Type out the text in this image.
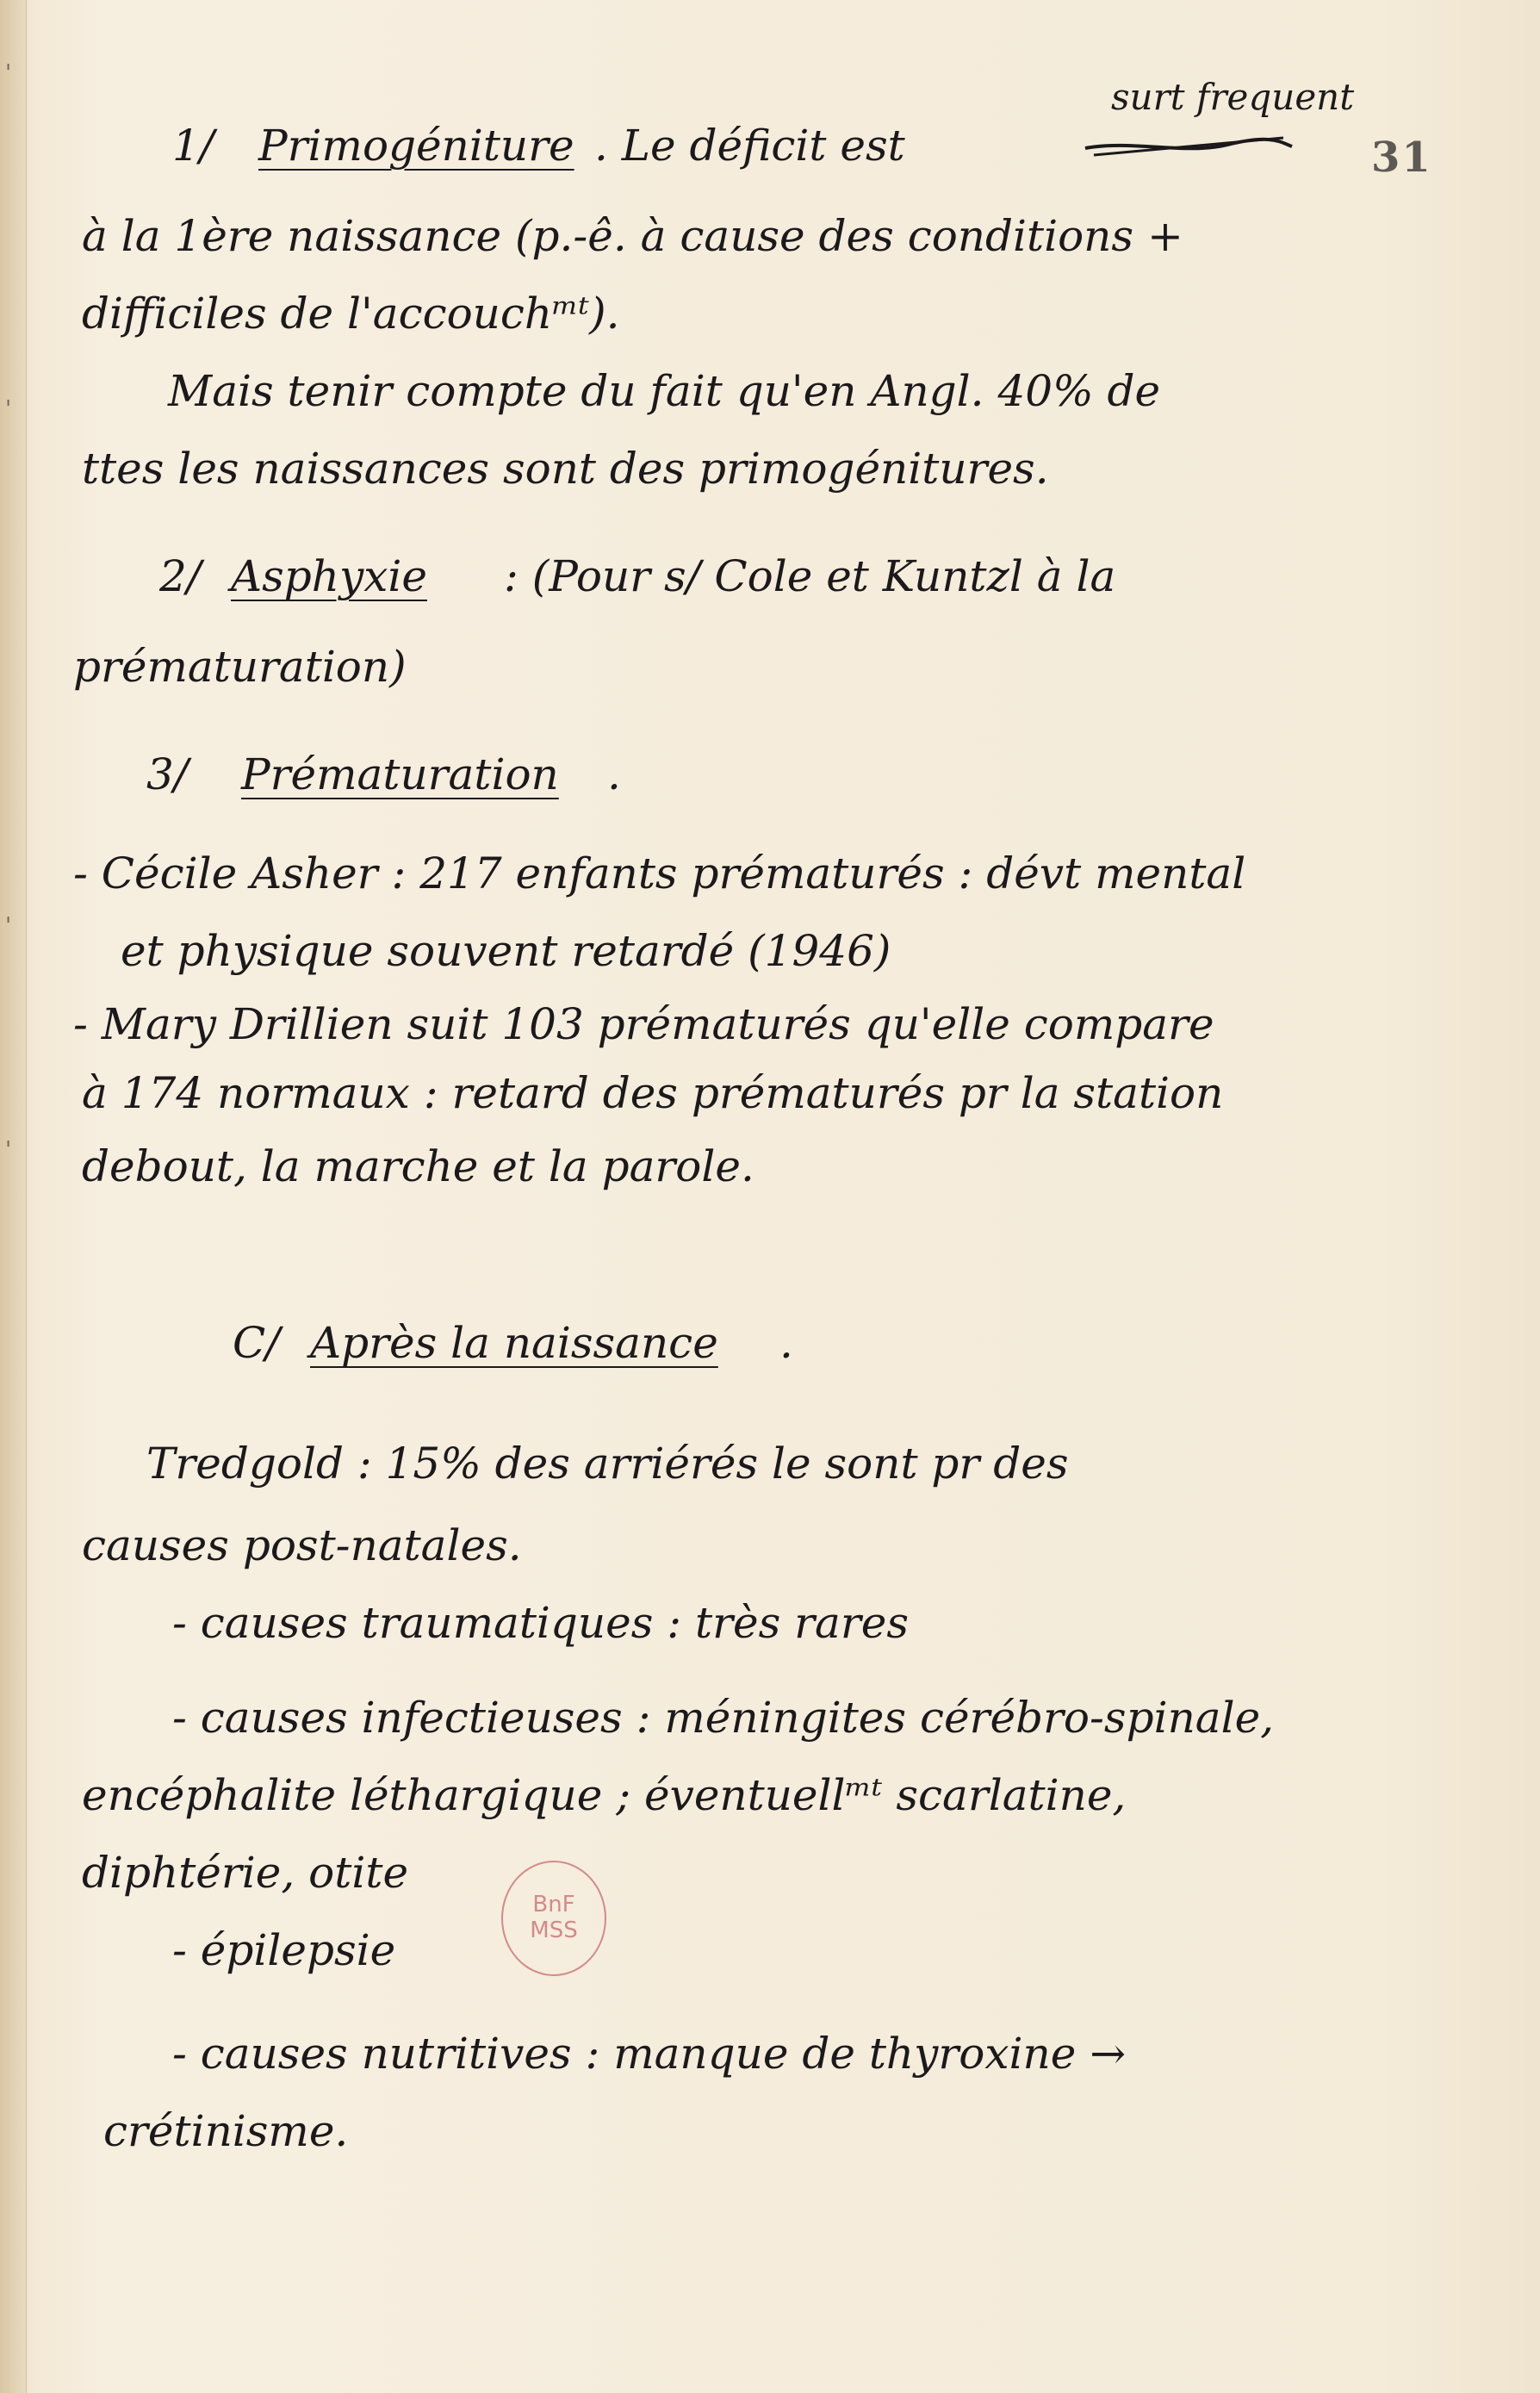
'
'
'
'
31
surt frequent
1/ Primogéniture . Le déficit est
à la 1ère naissance (p.-ê. à cause des conditions +
difficiles de l'accouchᵐᵗ).
Mais tenir compte du fait qu'en Angl. 40% de
ttes les naissances sont des primogénitures.
2/ Asphyxie : (Pour s/ Cole et Kuntzl à la
prématuration)
3/ Prématuration .
- Cécile Asher : 217 enfants prématurés : dévt mental
et physique souvent retardé (1946)
- Mary Drillien suit 103 prématurés qu'elle compare
à 174 normaux : retard des prématurés pr la station
debout, la marche et la parole.
C/ Après la naissance .
Tredgold : 15% des arriérés le sont pr des
causes post-natales.
- causes traumatiques : très rares
- causes infectieuses : méningites cérébro-spinale,
encéphalite léthargique ; éventuellᵐᵗ scarlatine,
diphtérie, otite
- épilepsie
- causes nutritives : manque de thyroxine →
crétinisme.
BnF
MSS
